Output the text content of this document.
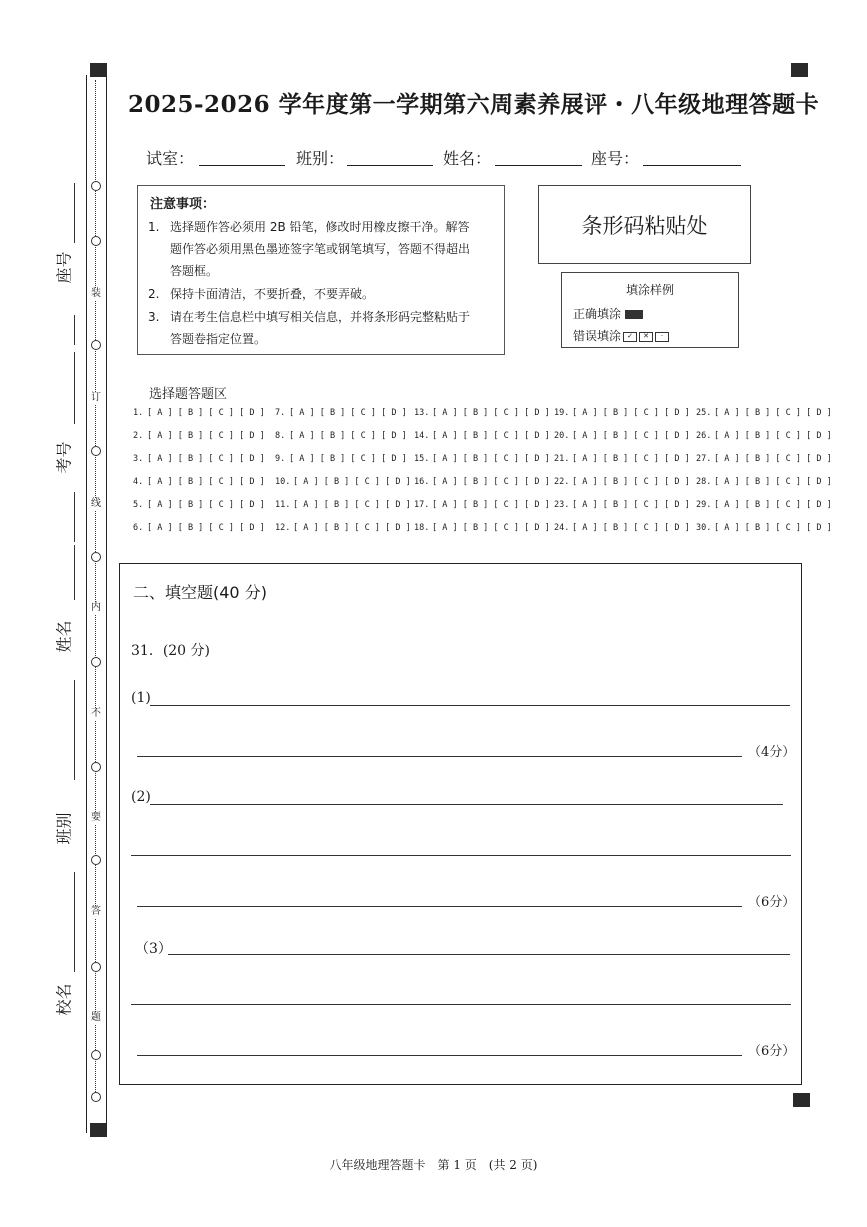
装
订
线
内
不
要
答
题
座号
考号
姓名
班别
校名
2025-2026 学年度第一学期第六周素养展评・八年级地理答题卡
试室：	班别：	姓名：	座号：
注意事项：
1. 选择题作答必须用 2B 铅笔，修改时用橡皮擦干净。解答
题作答必须用黑色墨迹签字笔或钢笔填写，答题不得超出
答题框。
2. 保持卡面清洁，不要折叠，不要弄破。
3. 请在考生信息栏中填写相关信息，并将条形码完整粘贴于
答题卷指定位置。
条形码粘贴处
填涂样例
正确填涂
错误填涂 ✓ ✕ ·
选择题答题区
1. [ A ] [ B ] [ C ] [ D ] 7. [ A ] [ B ] [ C ] [ D ] 13. [ A ] [ B ] [ C ] [ D ] 19. [ A ] [ B ] [ C ] [ D ] 25. [ A ] [ B ] [ C ] [ D ]
2. [ A ] [ B ] [ C ] [ D ] 8. [ A ] [ B ] [ C ] [ D ] 14. [ A ] [ B ] [ C ] [ D ] 20. [ A ] [ B ] [ C ] [ D ] 26. [ A ] [ B ] [ C ] [ D ]
3. [ A ] [ B ] [ C ] [ D ] 9. [ A ] [ B ] [ C ] [ D ] 15. [ A ] [ B ] [ C ] [ D ] 21. [ A ] [ B ] [ C ] [ D ] 27. [ A ] [ B ] [ C ] [ D ]
4. [ A ] [ B ] [ C ] [ D ] 10. [ A ] [ B ] [ C ] [ D ] 16. [ A ] [ B ] [ C ] [ D ] 22. [ A ] [ B ] [ C ] [ D ] 28. [ A ] [ B ] [ C ] [ D ]
5. [ A ] [ B ] [ C ] [ D ] 11. [ A ] [ B ] [ C ] [ D ] 17. [ A ] [ B ] [ C ] [ D ] 23. [ A ] [ B ] [ C ] [ D ] 29. [ A ] [ B ] [ C ] [ D ]
6. [ A ] [ B ] [ C ] [ D ] 12. [ A ] [ B ] [ C ] [ D ] 18. [ A ] [ B ] [ C ] [ D ] 24. [ A ] [ B ] [ C ] [ D ] 30. [ A ] [ B ] [ C ] [ D ]
二、填空题(40 分)
31．(20 分)
(1)
（4分）
(2)
（6分）
（3）
（6分）
八年级地理答题卡　第 1 页　(共 2 页)
